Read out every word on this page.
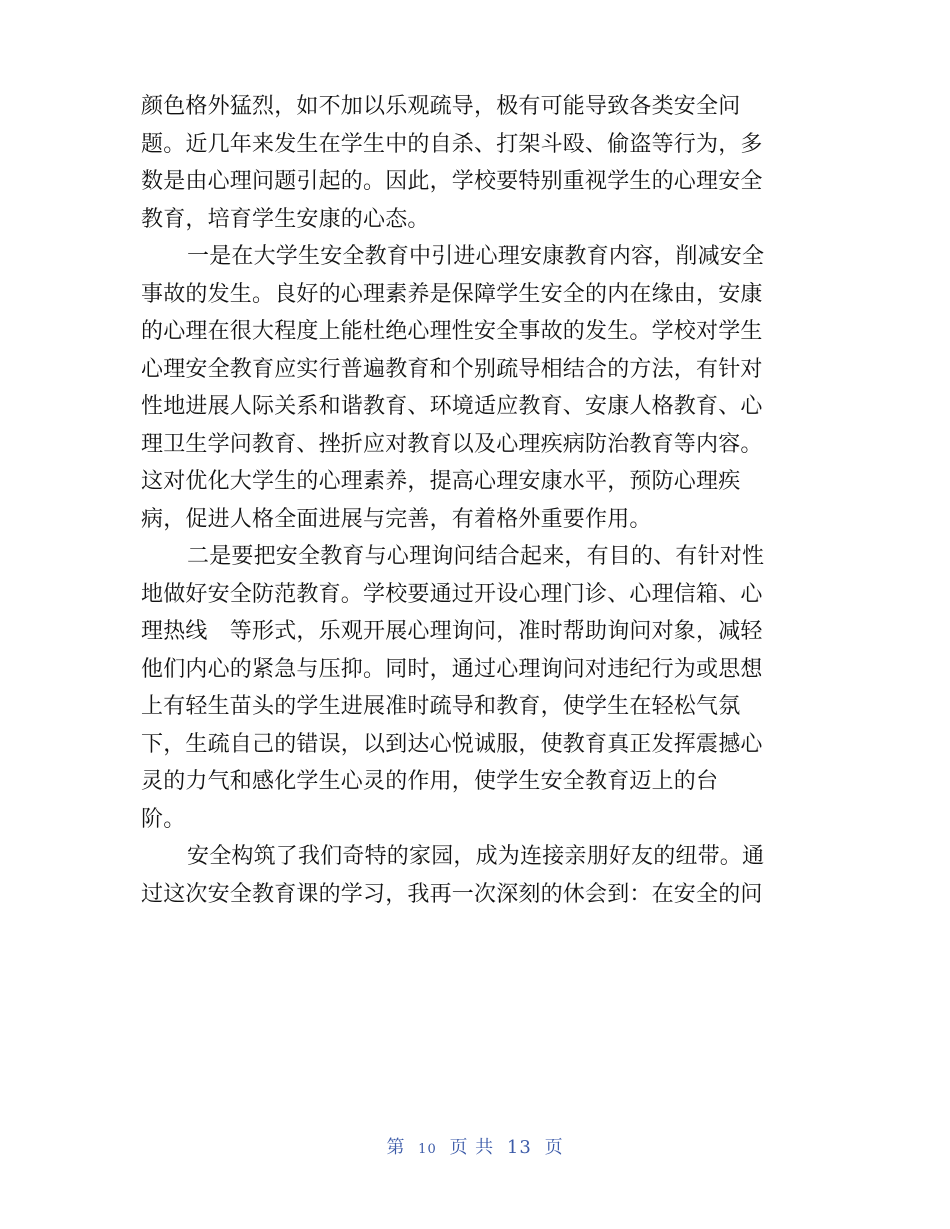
颜色格外猛烈，如不加以乐观疏导，极有可能导致各类安全问
题。近几年来发生在学生中的自杀、打架斗殴、偷盗等行为，多
数是由心理问题引起的。因此，学校要特别重视学生的心理安全
教育，培育学生安康的心态。
一是在大学生安全教育中引进心理安康教育内容，削减安全
事故的发生。良好的心理素养是保障学生安全的内在缘由，安康
的心理在很大程度上能杜绝心理性安全事故的发生。学校对学生
心理安全教育应实行普遍教育和个别疏导相结合的方法，有针对
性地进展人际关系和谐教育、环境适应教育、安康人格教育、心
理卫生学问教育、挫折应对教育以及心理疾病防治教育等内容。
这对优化大学生的心理素养，提高心理安康水平，预防心理疾
病，促进人格全面进展与完善，有着格外重要作用。
二是要把安全教育与心理询问结合起来，有目的、有针对性
地做好安全防范教育。学校要通过开设心理门诊、心理信箱、心
理热线　等形式，乐观开展心理询问，准时帮助询问对象，减轻
他们内心的紧急与压抑。同时，通过心理询问对违纪行为或思想
上有轻生苗头的学生进展准时疏导和教育，使学生在轻松气氛
下，生疏自己的错误，以到达心悦诚服，使教育真正发挥震撼心
灵的力气和感化学生心灵的作用，使学生安全教育迈上的台
阶。
安全构筑了我们奇特的家园，成为连接亲朋好友的纽带。通
过这次安全教育课的学习，我再一次深刻的休会到：在安全的问
第 10 页 共 13 页
